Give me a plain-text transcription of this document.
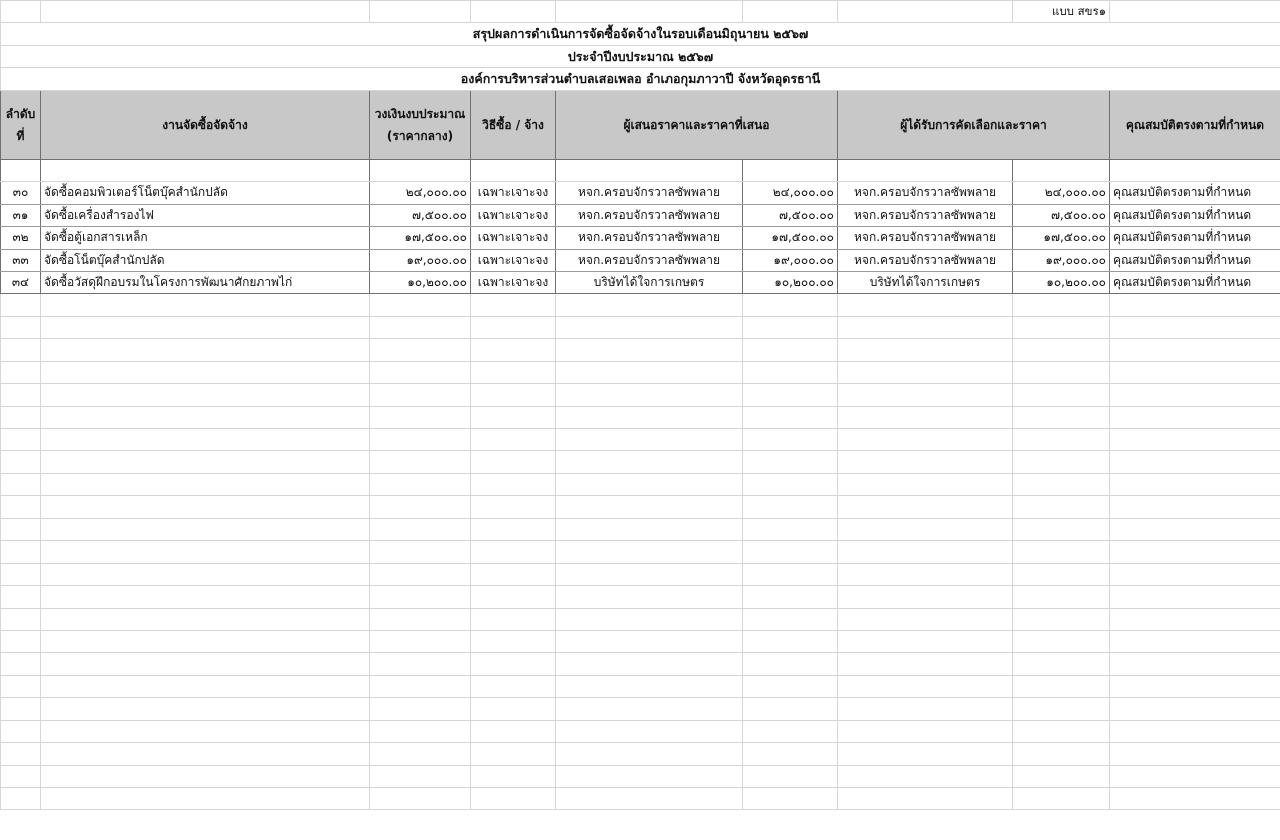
							แบบ สขร๑	
สรุปผลการดำเนินการจัดซื้อจัดจ้างในรอบเดือนมิถุนายน ๒๕๖๗								
ประจำปีงบประมาณ ๒๕๖๗								
องค์การบริหารส่วนตำบลเสอเพลอ อำเภอกุมภาวาปี จังหวัดอุดรธานี								
ลำดับที่	งานจัดซื้อจัดจ้าง	วงเงินงบประมาณ (ราคากลาง)	วิธีซื้อ / จ้าง	ผู้เสนอราคาและราคาที่เสนอ		ผู้ได้รับการคัดเลือกและราคา		คุณสมบัติตรงตามที่กำหนด

๓๐	จัดซื้อคอมพิวเตอร์โน็ตบุ๊คสำนักปลัด	๒๔,๐๐๐.๐๐	เฉพาะเจาะจง	หจก.ครอบจักรวาลซัพพลาย	๒๔,๐๐๐.๐๐	หจก.ครอบจักรวาลซัพพลาย	๒๔,๐๐๐.๐๐	คุณสมบัติตรงตามที่กำหนด
๓๑	จัดซื้อเครื่องสำรองไฟ	๗,๕๐๐.๐๐	เฉพาะเจาะจง	หจก.ครอบจักรวาลซัพพลาย	๗,๕๐๐.๐๐	หจก.ครอบจักรวาลซัพพลาย	๗,๕๐๐.๐๐	คุณสมบัติตรงตามที่กำหนด
๓๒	จัดซื้อตู้เอกสารเหล็ก	๑๗,๕๐๐.๐๐	เฉพาะเจาะจง	หจก.ครอบจักรวาลซัพพลาย	๑๗,๕๐๐.๐๐	หจก.ครอบจักรวาลซัพพลาย	๑๗,๕๐๐.๐๐	คุณสมบัติตรงตามที่กำหนด
๓๓	จัดซื้อโน็ตบุ๊คสำนักปลัด	๑๙,๐๐๐.๐๐	เฉพาะเจาะจง	หจก.ครอบจักรวาลซัพพลาย	๑๙,๐๐๐.๐๐	หจก.ครอบจักรวาลซัพพลาย	๑๙,๐๐๐.๐๐	คุณสมบัติตรงตามที่กำหนด
๓๔	จัดซื้อวัสดุฝึกอบรมในโครงการพัฒนาศักยภาพไก่	๑๐,๒๐๐.๐๐	เฉพาะเจาะจง	บริษัทได้ใจการเกษตร	๑๐,๒๐๐.๐๐	บริษัทได้ใจการเกษตร	๑๐,๒๐๐.๐๐	คุณสมบัติตรงตามที่กำหนด
